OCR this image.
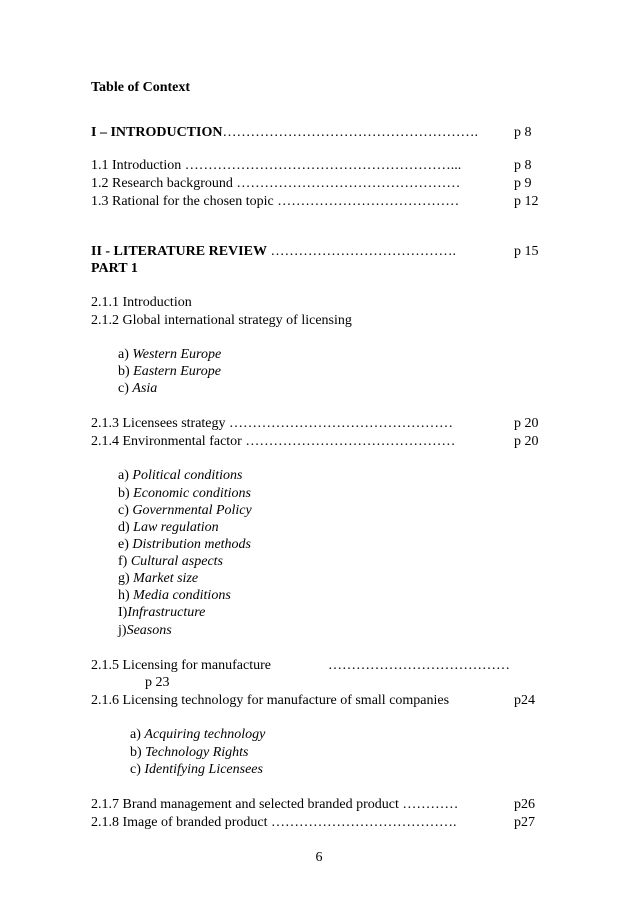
Table of Context
I – INTRODUCTION……………………………………………….	p 8
1.1 Introduction …………………………………………………...	p 8
1.2 Research background …………………………………………	p 9
1.3 Rational for the chosen topic …………………………………	p 12
II - LITERATURE REVIEW ………………………………….	p 15
PART 1
2.1.1 Introduction
2.1.2 Global international strategy of licensing
a) Western Europe
b) Eastern Europe
c) Asia
2.1.3 Licensees strategy …………………………………………	p 20
2.1.4 Environmental factor ………………………………………	p 20
a) Political conditions
b) Economic conditions
c) Governmental Policy
d) Law regulation
e) Distribution methods
f) Cultural aspects
g) Market size
h) Media conditions
I)Infrastructure
j)Seasons
2.1.5 Licensing for manufacture	…………………………………
p 23
2.1.6 Licensing technology for manufacture of small companies	p24
a) Acquiring technology
b) Technology Rights
c) Identifying Licensees
2.1.7 Brand management and selected branded product …………	p26
2.1.8 Image of branded product ………………………………….	p27
6
